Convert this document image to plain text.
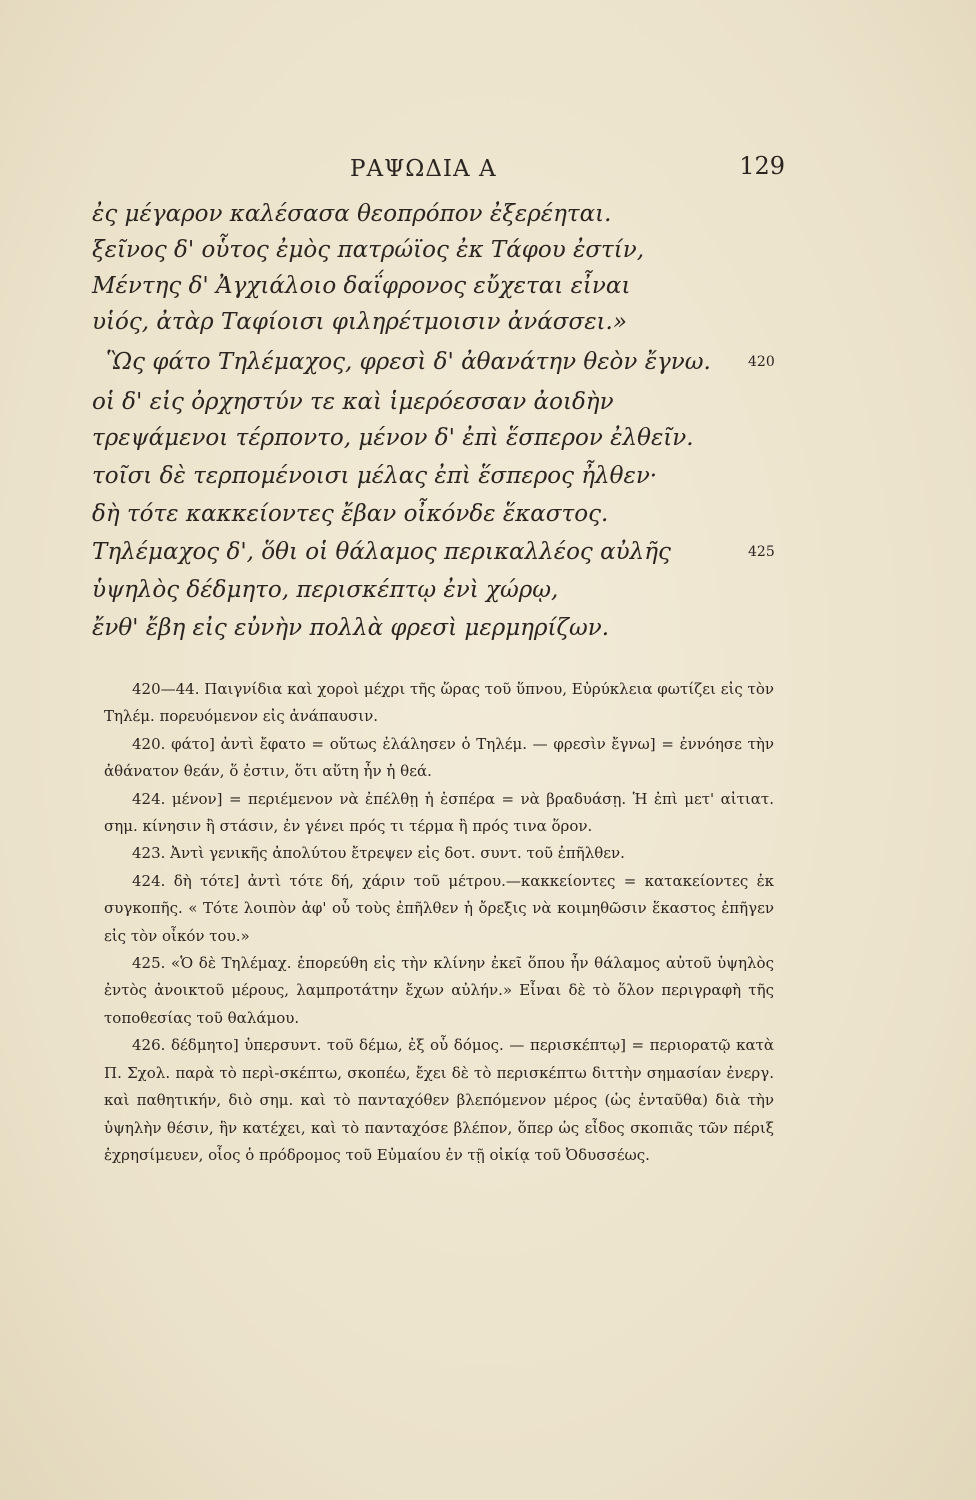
ΡΑΨΩΔΙΑ Α	129
ἐς μέγαρον καλέσασα θεοπρόπον ἐξερέηται.
ξεῖνος δ' οὗτος ἐμὸς πατρώϊος ἐκ Τάφου ἐστίν,
Μέντης δ' Ἀγχιάλοιο δαΐφρονος εὔχεται εἶναι
υἱός, ἀτὰρ Ταφίοισι φιληρέτμοισιν ἀνάσσει.»
Ὣς φάτο Τηλέμαχος, φρεσὶ δ' ἀθανάτην θεὸν ἔγνω.	420
οἱ δ' εἰς ὀρχηστύν τε καὶ ἱμερόεσσαν ἀοιδὴν
τρεψάμενοι τέρποντο, μένον δ' ἐπὶ ἕσπερον ἐλθεῖν.
τοῖσι δὲ τερπομένοισι μέλας ἐπὶ ἕσπερος ἦλθεν·
δὴ τότε κακκείοντες ἔβαν οἶκόνδε ἕκαστος.
Τηλέμαχος δ', ὅθι οἱ θάλαμος περικαλλέος αὐλῆς	425
ὑψηλὸς δέδμητο, περισκέπτῳ ἐνὶ χώρῳ,
ἔνθ' ἔβη εἰς εὐνὴν πολλὰ φρεσὶ μερμηρίζων.
420—44. Παιγνίδια καὶ χοροὶ μέχρι τῆς ὥρας τοῦ ὕπνου, Εὐρύκλεια φωτίζει εἰς τὸν Τηλέμ. πορευόμενον εἰς ἀνάπαυσιν.
420. φάτο] ἀντὶ ἔφατο = οὕτως ἐλάλησεν ὁ Τηλέμ. — φρεσὶν ἔγνω] = ἐννόησε τὴν ἀθάνατον θεάν, ὅ ἐστιν, ὅτι αὕτη ἦν ἡ θεά.
424. μένον] = περιέμενον νὰ ἐπέλθῃ ἡ ἑσπέρα = νὰ βραδυάσῃ. Ἡ ἐπὶ μετ' αἰτιατ. σημ. κίνησιν ἢ στάσιν, ἐν γένει πρός τι τέρμα ἢ πρός τινα ὅρον.
423. Ἀντὶ γενικῆς ἀπολύτου ἔτρεψεν εἰς δοτ. συντ. τοῦ ἐπῆλθεν.
424. δὴ τότε] ἀντὶ τότε δή, χάριν τοῦ μέτρου.—κακκείοντες = κατακείοντες ἐκ συγκοπῆς. « Τότε λοιπὸν ἀφ' οὗ τοὺς ἐπῆλθεν ἡ ὄρεξις νὰ κοιμηθῶσιν ἕκαστος ἐπῆγεν εἰς τὸν οἶκόν του.»
425. «Ὁ δὲ Τηλέμαχ. ἐπορεύθη εἰς τὴν κλίνην ἐκεῖ ὅπου ἦν θάλαμος αὐτοῦ ὑψηλὸς ἐντὸς ἀνοικτοῦ μέρους, λαμπροτάτην ἔχων αὐλήν.» Εἶναι δὲ τὸ ὅλον περιγραφὴ τῆς τοποθεσίας τοῦ θαλάμου.
426. δέδμητο] ὑπερσυντ. τοῦ δέμω, ἐξ οὗ δόμος. — περισκέπτῳ] = περιορατῷ κατὰ Π. Σχολ. παρὰ τὸ περὶ-σκέπτω, σκοπέω, ἔχει δὲ τὸ περισκέπτω διττὴν σημασίαν ἐνεργ. καὶ παθητικήν, διὸ σημ. καὶ τὸ πανταχόθεν βλεπόμενον μέρος (ὡς ἐνταῦθα) διὰ τὴν ὑψηλὴν θέσιν, ἣν κατέχει, καὶ τὸ πανταχόσε βλέπον, ὅπερ ὡς εἶδος σκοπιᾶς τῶν πέριξ ἐχρησίμευεν, οἷος ὁ πρόδρομος τοῦ Εὐμαίου ἐν τῇ οἰκίᾳ τοῦ Ὀδυσσέως.
